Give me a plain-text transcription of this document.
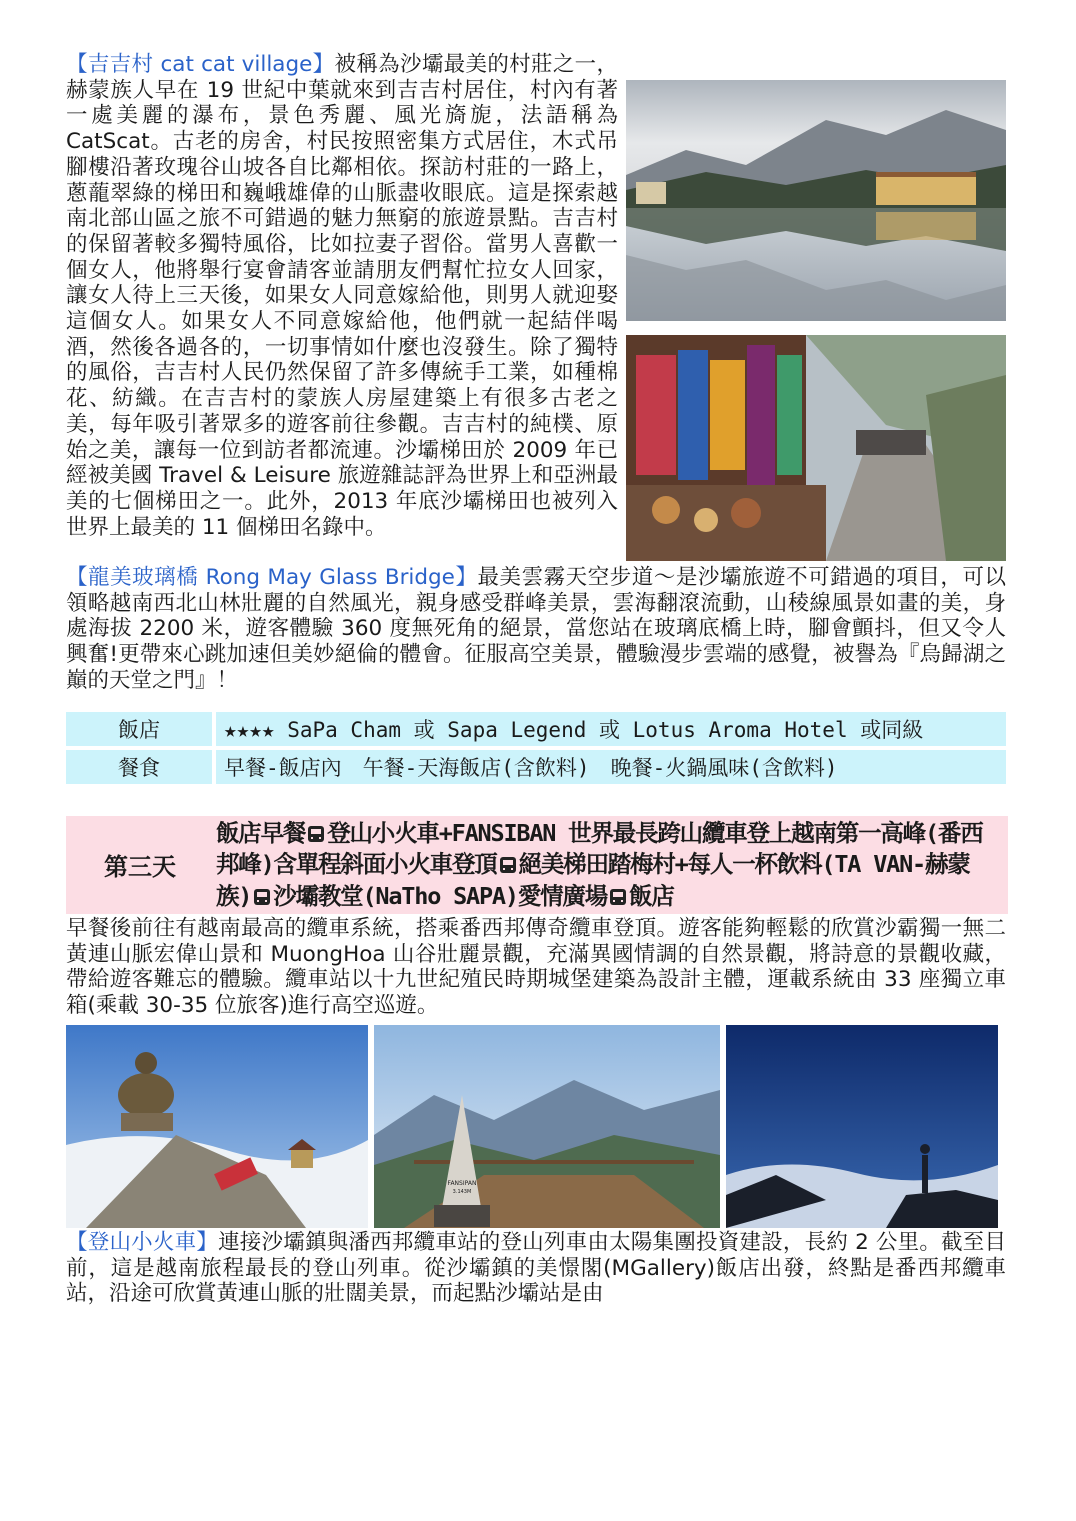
【吉吉村 cat cat village】被稱為沙壩最美的村莊之一，赫蒙族人早在 19 世紀中葉就來到吉吉村居住，村內有著一處美麗的瀑布，景色秀麗、風光旖旎，法語稱為 CatScat。古老的房舍，村民按照密集方式居住，木式吊腳樓沿著玫瑰谷山坡各自比鄰相依。探訪村莊的一路上，蔥蘢翠綠的梯田和巍峨雄偉的山脈盡收眼底。這是探索越南北部山區之旅不可錯過的魅力無窮的旅遊景點。吉吉村的保留著較多獨特風俗，比如拉妻子習俗。當男人喜歡一個女人，他將舉行宴會請客並請朋友們幫忙拉女人回家，讓女人待上三天後，如果女人同意嫁給他，則男人就迎娶這個女人。如果女人不同意嫁給他，他們就一起結伴喝酒，然後各過各的，一切事情如什麼也沒發生。除了獨特的風俗，吉吉村人民仍然保留了許多傳統手工業，如種棉花、紡織。在吉吉村的蒙族人房屋建築上有很多古老之美，每年吸引著眾多的遊客前往參觀。吉吉村的純樸、原始之美，讓每一位到訪者都流連。沙壩梯田於 2009 年已經被美國 Travel & Leisure 旅遊雜誌評為世界上和亞洲最美的七個梯田之一。此外，2013 年底沙壩梯田也被列入世界上最美的 11 個梯田名錄中。

【龍美玻璃橋 Rong May Glass Bridge】最美雲霧天空步道～是沙壩旅遊不可錯過的項目，可以領略越南西北山林壯麗的自然風光，親身感受群峰美景，雲海翻滾流動，山稜線風景如畫的美，身處海拔 2200 米，遊客體驗 360 度無死角的絕景，當您站在玻璃底橋上時，腳會顫抖，但又令人興奮!更帶來心跳加速但美妙絕倫的體會。征服高空美景，體驗漫步雲端的感覺，被譽為『烏歸湖之巔的天堂之門』！

飯店	★★★★ SaPa Cham 或 Sapa Legend 或 Lotus Aroma Hotel 或同級
餐食	早餐-飯店內　午餐-天海飯店(含飲料)　晚餐-火鍋風味(含飲料)
第三天
飯店早餐 登山小火車+FANSIBAN 世界最長跨山纜車登上越南第一高峰(番西邦峰)含單程斜面小火車登頂 絕美梯田踏梅村+每人一杯飲料(TA VAN-赫蒙族) 沙壩教堂(NaTho SAPA)愛情廣場 飯店

早餐後前往有越南最高的纜車系統，搭乘番西邦傳奇纜車登頂。遊客能夠輕鬆的欣賞沙霸獨一無二黃連山脈宏偉山景和 MuongHoa 山谷壯麗景觀，充滿異國情調的自然景觀，將詩意的景觀收藏，帶給遊客難忘的體驗。纜車站以十九世紀殖民時期城堡建築為設計主體，運載系統由 33 座獨立車箱(乘載 30-35 位旅客)進行高空巡遊。

FANSIPAN
3.143M

【登山小火車】連接沙壩鎮與潘西邦纜車站的登山列車由太陽集團投資建設，長約 2 公里。截至目前，這是越南旅程最長的登山列車。從沙壩鎮的美憬閣(MGallery)飯店出發，終點是番西邦纜車站，沿途可欣賞黃連山脈的壯闊美景，而起點沙壩站是由
